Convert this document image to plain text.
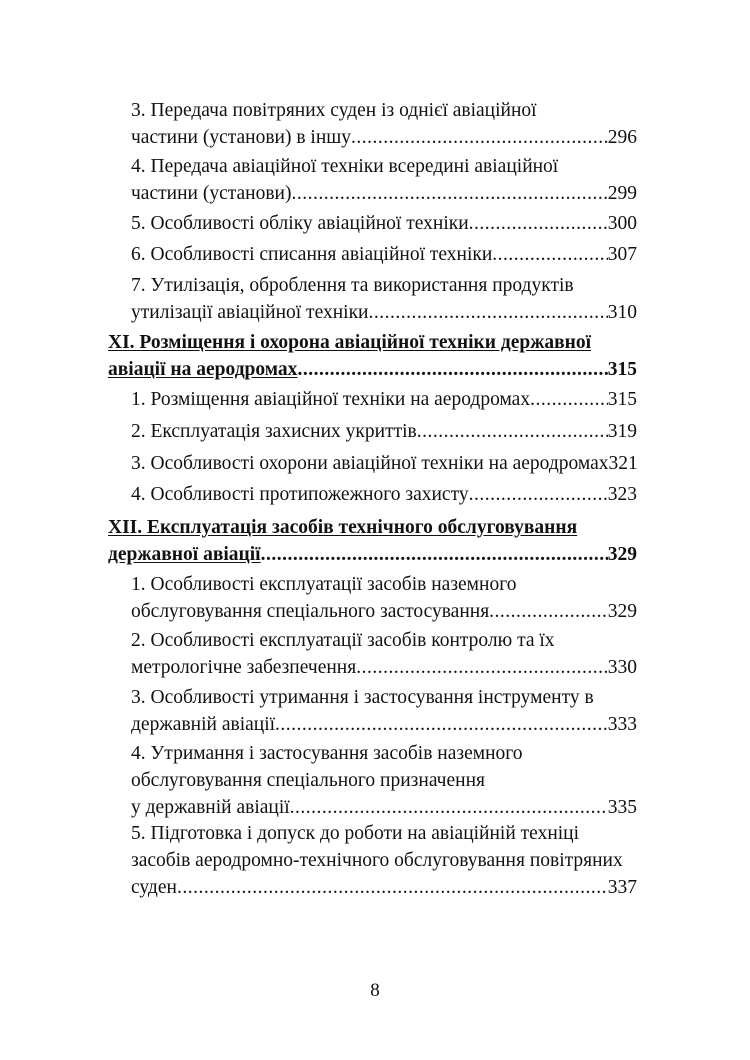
3. Передача повітряних суден із однієї авіаційної
частини (установи) в іншу .....	296
4. Передача авіаційної техніки всередині авіаційної
частини (установи) .....	299
5. Особливості обліку авіаційної техніки .....	300
6. Особливості списання авіаційної техніки .....	307
7. Утилізація, оброблення та використання продуктів
утилізації авіаційної техніки .....	310
XI. Розміщення і охорона авіаційної техніки державної
авіації на аеродромах .....	315
1. Розміщення авіаційної техніки на аеродромах .....	315
2. Експлуатація захисних укриттів .....	319
3. Особливості охорони авіаційної техніки на аеродромах 321
4. Особливості протипожежного захисту .....	323
XII. Експлуатація засобів технічного обслуговування
державної авіації .....	329
1. Особливості експлуатації засобів наземного
обслуговування спеціального застосування .....	329
2. Особливості експлуатації засобів контролю та їх
метрологічне забезпечення .....	330
3. Особливості утримання і застосування інструменту в
державній авіації .....	333
4. Утримання і застосування засобів наземного
обслуговування спеціального призначення
у державній авіації .....	335
5. Підготовка і допуск до роботи на авіаційній техніці
засобів аеродромно-технічного обслуговування повітряних
суден .....	337
8
